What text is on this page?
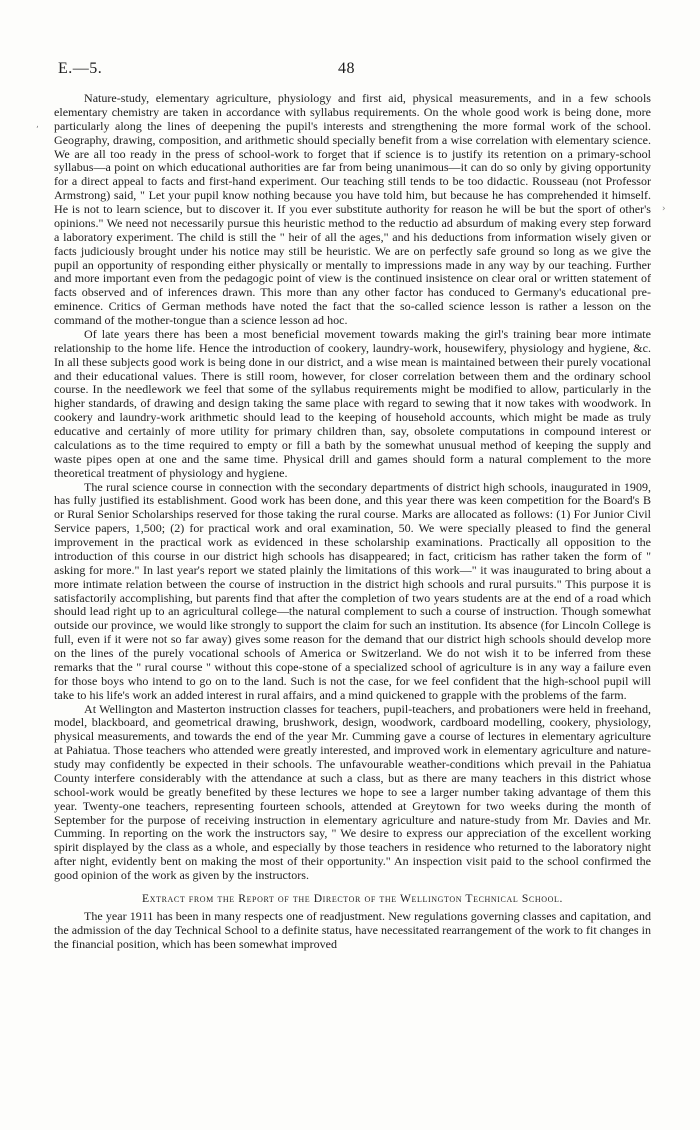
E.—5.	48
,
›

Nature-study, elementary agriculture, physiology and first aid, physical measurements, and in a few schools elementary chemistry are taken in accordance with syllabus requirements. On the whole good work is being done, more particularly along the lines of deepening the pupil's interests and strengthening the more formal work of the school. Geography, drawing, composition, and arithmetic should specially benefit from a wise correlation with elementary science. We are all too ready in the press of school-work to forget that if science is to justify its retention on a primary-school syllabus—a point on which educational authorities are far from being unanimous—it can do so only by giving opportunity for a direct appeal to facts and first-hand experiment. Our teaching still tends to be too didactic. Rousseau (not Professor Armstrong) said, " Let your pupil know nothing because you have told him, but because he has comprehended it himself. He is not to learn science, but to discover it. If you ever substitute authority for reason he will be but the sport of other's opinions." We need not necessarily pursue this heuristic method to the reductio ad absurdum of making every step forward a laboratory experiment. The child is still the " heir of all the ages," and his deductions from information wisely given or facts judiciously brought under his notice may still be heuristic. We are on perfectly safe ground so long as we give the pupil an opportunity of responding either physically or mentally to impressions made in any way by our teaching. Further and more important even from the pedagogic point of view is the continued insistence on clear oral or written statement of facts observed and of inferences drawn. This more than any other factor has conduced to Germany's educational pre-eminence. Critics of German methods have noted the fact that the so-called science lesson is rather a lesson on the command of the mother-tongue than a science lesson ad hoc.

Of late years there has been a most beneficial movement towards making the girl's training bear more intimate relationship to the home life. Hence the introduction of cookery, laundry-work, housewifery, physiology and hygiene, &c. In all these subjects good work is being done in our district, and a wise mean is maintained between their purely vocational and their educational values. There is still room, however, for closer correlation between them and the ordinary school course. In the needlework we feel that some of the syllabus requirements might be modified to allow, particularly in the higher standards, of drawing and design taking the same place with regard to sewing that it now takes with woodwork. In cookery and laundry-work arithmetic should lead to the keeping of household accounts, which might be made as truly educative and certainly of more utility for primary children than, say, obsolete computations in compound interest or calculations as to the time required to empty or fill a bath by the somewhat unusual method of keeping the supply and waste pipes open at one and the same time. Physical drill and games should form a natural complement to the more theoretical treatment of physiology and hygiene.

The rural science course in connection with the secondary departments of district high schools, inaugurated in 1909, has fully justified its establishment. Good work has been done, and this year there was keen competition for the Board's B or Rural Senior Scholarships reserved for those taking the rural course. Marks are allocated as follows: (1) For Junior Civil Service papers, 1,500; (2) for practical work and oral examination, 50. We were specially pleased to find the general improvement in the practical work as evidenced in these scholarship examinations. Practically all opposition to the introduction of this course in our district high schools has disappeared; in fact, criticism has rather taken the form of " asking for more." In last year's report we stated plainly the limitations of this work—" it was inaugurated to bring about a more intimate relation between the course of instruction in the district high schools and rural pursuits." This purpose it is satisfactorily accomplishing, but parents find that after the completion of two years students are at the end of a road which should lead right up to an agricultural college—the natural complement to such a course of instruction. Though somewhat outside our province, we would like strongly to support the claim for such an institution. Its absence (for Lincoln College is full, even if it were not so far away) gives some reason for the demand that our district high schools should develop more on the lines of the purely vocational schools of America or Switzerland. We do not wish it to be inferred from these remarks that the " rural course " without this cope-stone of a specialized school of agriculture is in any way a failure even for those boys who intend to go on to the land. Such is not the case, for we feel confident that the high-school pupil will take to his life's work an added interest in rural affairs, and a mind quickened to grapple with the problems of the farm.

At Wellington and Masterton instruction classes for teachers, pupil-teachers, and probationers were held in freehand, model, blackboard, and geometrical drawing, brushwork, design, woodwork, cardboard modelling, cookery, physiology, physical measurements, and towards the end of the year Mr. Cumming gave a course of lectures in elementary agriculture at Pahiatua. Those teachers who attended were greatly interested, and improved work in elementary agriculture and nature-study may confidently be expected in their schools. The unfavourable weather-conditions which prevail in the Pahiatua County interfere considerably with the attendance at such a class, but as there are many teachers in this district whose school-work would be greatly benefited by these lectures we hope to see a larger number taking advantage of them this year. Twenty-one teachers, representing fourteen schools, attended at Greytown for two weeks during the month of September for the purpose of receiving instruction in elementary agriculture and nature-study from Mr. Davies and Mr. Cumming. In reporting on the work the instructors say, " We desire to express our appreciation of the excellent working spirit displayed by the class as a whole, and especially by those teachers in residence who returned to the laboratory night after night, evidently bent on making the most of their opportunity." An inspection visit paid to the school confirmed the good opinion of the work as given by the instructors.

Extract from the Report of the Director of the Wellington Technical School.

The year 1911 has been in many respects one of readjustment. New regulations governing classes and capitation, and the admission of the day Technical School to a definite status, have necessitated rearrangement of the work to fit changes in the financial position, which has been somewhat improved
